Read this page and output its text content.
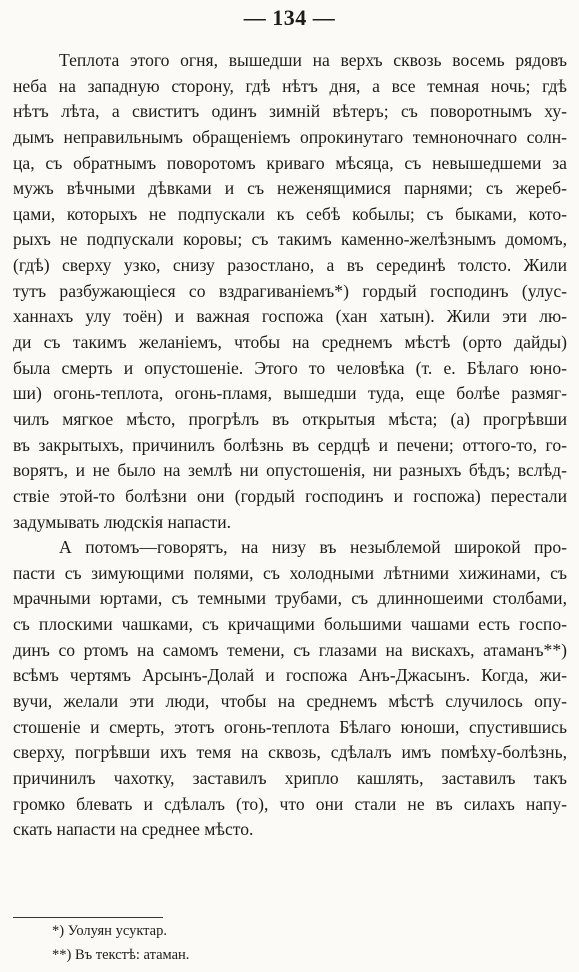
— 134 —
Теплота этого огня, вышедши на верхъ сквозь восемь рядовъ
неба на западную сторону, гдѣ нѣтъ дня, а все темная ночь; гдѣ
нѣтъ лѣта, а свиститъ одинъ зимній вѣтеръ; съ поворотнымъ ху-
дымъ неправильнымъ обращеніемъ опрокинутаго темноночнаго солн-
ца, съ обратнымъ поворотомъ криваго мѣсяца, съ невышедшеми за
мужъ вѣчными дѣвками и съ неженящимися парнями; съ жереб-
цами, которыхъ не подпускали къ себѣ кобылы; съ быками, кото-
рыхъ не подпускали коровы; съ такимъ каменно-желѣзнымъ домомъ,
(гдѣ) сверху узко, снизу разостлано, а въ серединѣ толсто. Жили
тутъ разбужающіеся со вздрагиваніемъ*) гордый господинъ (улус-
ханнахъ улу тоён) и важная госпожа (хан хатын). Жили эти лю-
ди съ такимъ желаніемъ, чтобы на среднемъ мѣстѣ (орто дайды)
была смерть и опустошеніе. Этого то человѣка (т. е. Бѣлаго юно-
ши) огонь-теплота, огонь-пламя, вышедши туда, еще болѣе размяг-
чилъ мягкое мѣсто, прогрѣлъ въ открытыя мѣста; (а) прогрѣвши
въ закрытыхъ, причинилъ болѣзнь въ сердцѣ и печени; оттого-то, го-
ворятъ, и не было на землѣ ни опустошенія, ни разныхъ бѣдъ; вслѣд-
ствіе этой-то болѣзни они (гордый господинъ и госпожа) перестали
задумывать людскія напасти.
А потомъ—говорятъ, на низу въ незыблемой широкой про-
пасти съ зимующими полями, съ холодными лѣтними хижинами, съ
мрачными юртами, съ темными трубами, съ длинношеими столбами,
съ плоскими чашками, съ кричащими большими чашами есть госпо-
динъ со ртомъ на самомъ темени, съ глазами на вискахъ, атаманъ**)
всѣмъ чертямъ Арсынъ-Долай и госпожа Анъ-Джасынъ. Когда, жи-
вучи, желали эти люди, чтобы на среднемъ мѣстѣ случилось опу-
стошеніе и смерть, этотъ огонь-теплота Бѣлаго юноши, спустившись
сверху, погрѣвши ихъ темя на сквозь, сдѣлалъ имъ помѣху-болѣзнь,
причинилъ чахотку, заставилъ хрипло кашлять, заставилъ такъ
громко блевать и сдѣлалъ (то), что они стали не въ силахъ напу-
скать напасти на среднее мѣсто.
*) Уолуян усуктар.
**) Въ текстѣ: атаман.
